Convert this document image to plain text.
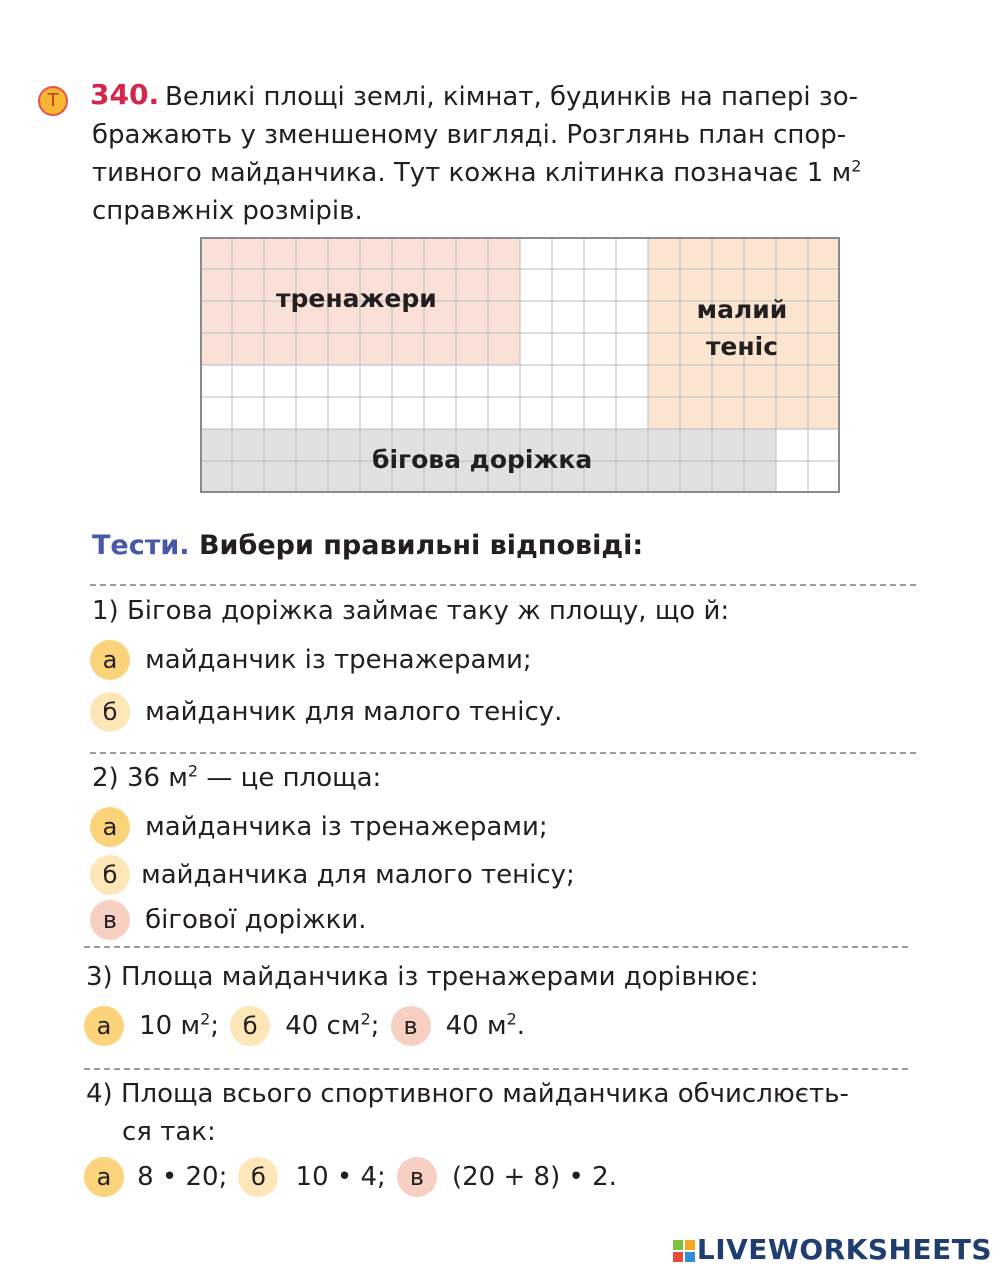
Т	340. Великі площі землі, кімнат, будинків на папері зо-
бражають у зменшеному вигляді. Розглянь план спор-
тивного майданчика. Тут кожна клітинка позначає 1 $м^2$
справжніх розмірів.
тренажери	малий
теніс
бігова доріжка
Тести. Вибери правильні відповіді:
1) Бігова доріжка займає таку ж площу, що й:
а майданчик із тренажерами;
б майданчик для малого тенісу.
2) 36 $м^2$ — це площа:
а майданчика із тренажерами;
б майданчика для малого тенісу;
в бігової доріжки.
3) Площа майданчика із тренажерами дорівнює:
а 10 $м^2$; б 40 $см^2$; в 40 $м^2$.
4) Площа всього спортивного майданчика обчислюєть-
ся так:
а 8 • 20; б 10 • 4; в (20 + 8) • 2.
LIVEWORKSHEETS
